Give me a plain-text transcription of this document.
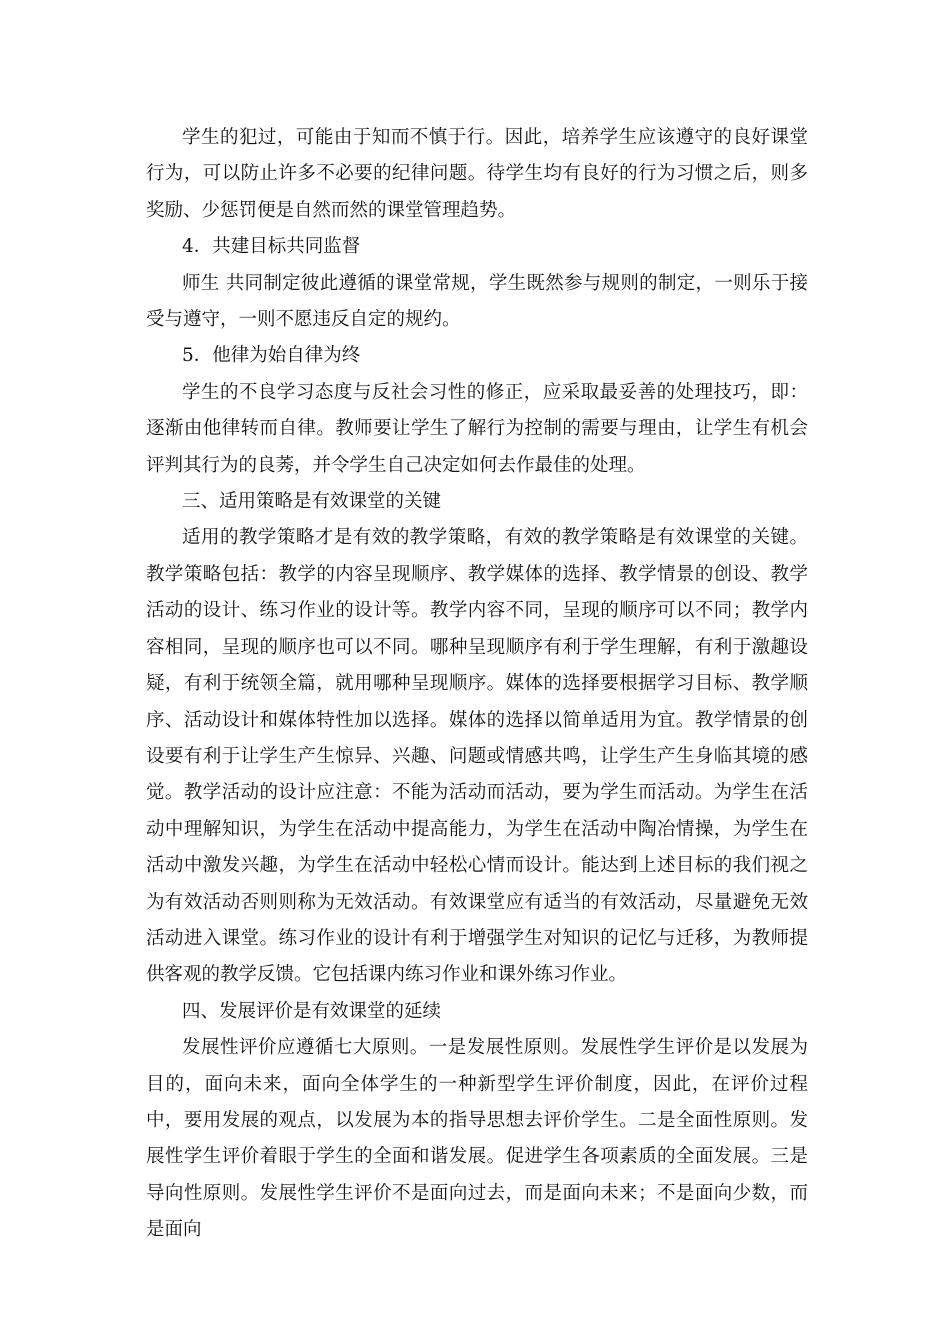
学生的犯过，可能由于知而不慎于行。因此，培养学生应该遵守的良好课堂行为，可以防止许多不必要的纪律问题。待学生均有良好的行为习惯之后，则多奖励、少惩罚便是自然而然的课堂管理趋势。

4．共建目标共同监督

师生 共同制定彼此遵循的课堂常规，学生既然参与规则的制定，一则乐于接受与遵守，一则不愿违反自定的规约。

5．他律为始自律为终

学生的不良学习态度与反社会习性的修正，应采取最妥善的处理技巧，即：逐渐由他律转而自律。教师要让学生了解行为控制的需要与理由，让学生有机会评判其行为的良莠，并令学生自己决定如何去作最佳的处理。

三、适用策略是有效课堂的关键

适用的教学策略才是有效的教学策略，有效的教学策略是有效课堂的关键。教学策略包括：教学的内容呈现顺序、教学媒体的选择、教学情景的创设、教学活动的设计、练习作业的设计等。教学内容不同，呈现的顺序可以不同；教学内容相同，呈现的顺序也可以不同。哪种呈现顺序有利于学生理解，有利于激趣设疑，有利于统领全篇，就用哪种呈现顺序。媒体的选择要根据学习目标、教学顺序、活动设计和媒体特性加以选择。媒体的选择以简单适用为宜。教学情景的创设要有利于让学生产生惊异、兴趣、问题或情感共鸣，让学生产生身临其境的感觉。教学活动的设计应注意：不能为活动而活动，要为学生而活动。为学生在活动中理解知识，为学生在活动中提高能力，为学生在活动中陶冶情操，为学生在活动中激发兴趣，为学生在活动中轻松心情而设计。能达到上述目标的我们视之为有效活动否则则称为无效活动。有效课堂应有适当的有效活动，尽量避免无效活动进入课堂。练习作业的设计有利于增强学生对知识的记忆与迁移，为教师提供客观的教学反馈。它包括课内练习作业和课外练习作业。

四、发展评价是有效课堂的延续

发展性评价应遵循七大原则。一是发展性原则。发展性学生评价是以发展为目的，面向未来，面向全体学生的一种新型学生评价制度，因此，在评价过程中，要用发展的观点，以发展为本的指导思想去评价学生。二是全面性原则。发展性学生评价着眼于学生的全面和谐发展。促进学生各项素质的全面发展。三是导向性原则。发展性学生评价不是面向过去，而是面向未来；不是面向少数，而是面向
